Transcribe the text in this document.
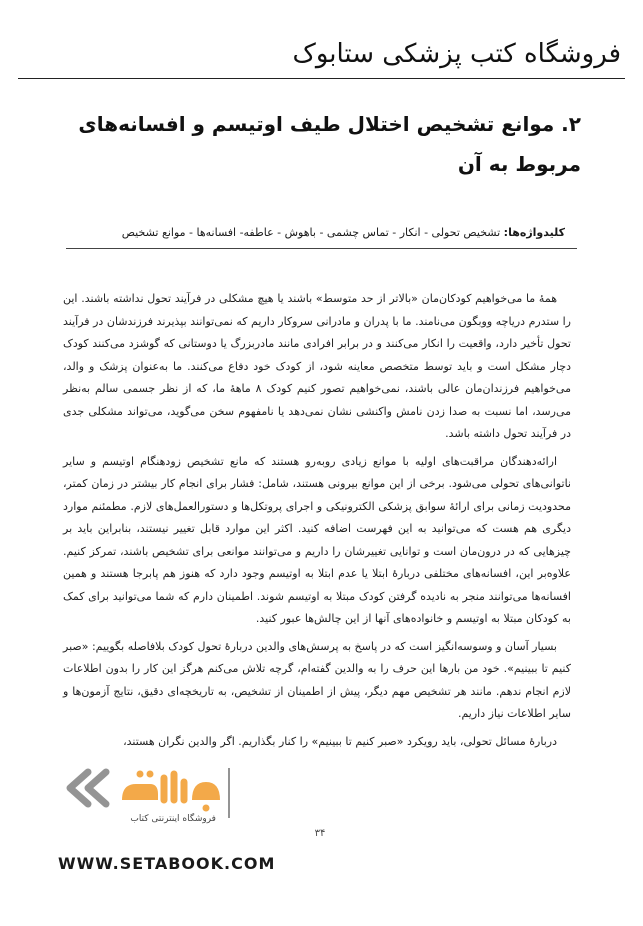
فروشگاه کتب پزشکی ستابوک
۲. موانع تشخیص اختلال طیف اوتیسم و افسانه‌های مربوط به آن
کلیدواژه‌ها: تشخیص تحولی - انکار - تماس چشمی - باهوش - عاطفه- افسانه‌ها - موانع تشخیص

همهٔ ما می‌خواهیم کودکان‌مان «بالاتر از حد متوسط» باشند یا هیچ مشکلی در فرآیند تحول نداشته باشند. این را ستدرم دریاچه ووبگون می‌نامند. ما با پدران و مادرانی سروکار داریم که نمی‌توانند بپذیرند فرزندشان در فرآیند تحول تأخیر دارد، واقعیت را انکار می‌کنند و در برابر افرادی مانند مادربزرگ یا دوستانی که گوشزد می‌کنند کودک دچار مشکل است و باید توسط متخصص معاینه شود، از کودک خود دفاع می‌کنند. ما به‌عنوان پزشک و والد، می‌خواهیم فرزندان‌مان عالی باشند، نمی‌خواهیم تصور کنیم کودک ۸ ماههٔ ما، که از نظر جسمی سالم به‌نظر می‌رسد، اما نسبت به صدا زدن نامش واکنشی نشان نمی‌دهد یا نامفهوم سخن می‌گوید، می‌تواند مشکلی جدی در فرآیند تحول داشته باشد.

ارائه‌دهندگان مراقبت‌های اولیه با موانع زیادی روبه‌رو هستند که مانع تشخیص زودهنگام اوتیسم و سایر ناتوانی‌های تحولی می‌شود. برخی از این موانع بیرونی هستند، شامل: فشار برای انجام کار بیشتر در زمان کمتر، محدودیت زمانی برای ارائهٔ سوابق پزشکی الکترونیکی و اجرای پروتکل‌ها و دستورالعمل‌های لازم. مطمئنم موارد دیگری هم هست که می‌توانید به این فهرست اضافه کنید. اکثر این موارد قابل تغییر نیستند، بنابراین باید بر چیزهایی که در درون‌مان است و توانایی تغییرشان را داریم و می‌توانند موانعی برای تشخیص باشند، تمرکز کنیم. علاوه‌بر این، افسانه‌های مختلفی دربارهٔ ابتلا یا عدم ابتلا به اوتیسم وجود دارد که هنوز هم پابرجا هستند و همین افسانه‌ها می‌توانند منجر به نادیده گرفتن کودک مبتلا به اوتیسم شوند. اطمینان دارم که شما می‌توانید برای کمک به کودکان مبتلا به اوتیسم و خانواده‌های آنها از این چالش‌ها عبور کنید.

بسیار آسان و وسوسه‌انگیز است که در پاسخ به پرسش‌های والدین دربارهٔ تحول کودک بلافاصله بگوییم: «صبر کنیم تا ببینیم». خود من بارها این حرف را به والدین گفته‌ام، گرچه تلاش می‌کنم هرگز این کار را بدون اطلاعات لازم انجام ندهم. مانند هر تشخیص مهم دیگر، پیش از اطمینان از تشخیص، به تاریخچه‌ای دقیق، نتایج آزمون‌ها و سایر اطلاعات نیاز داریم.

دربارهٔ مسائل تحولی، باید رویکرد «صبر کنیم تا ببینیم» را کنار بگذاریم. اگر والدین نگران هستند،

۳۴
فروشگاه اینترنتی کتاب
WWW.SETABOOK.COM
